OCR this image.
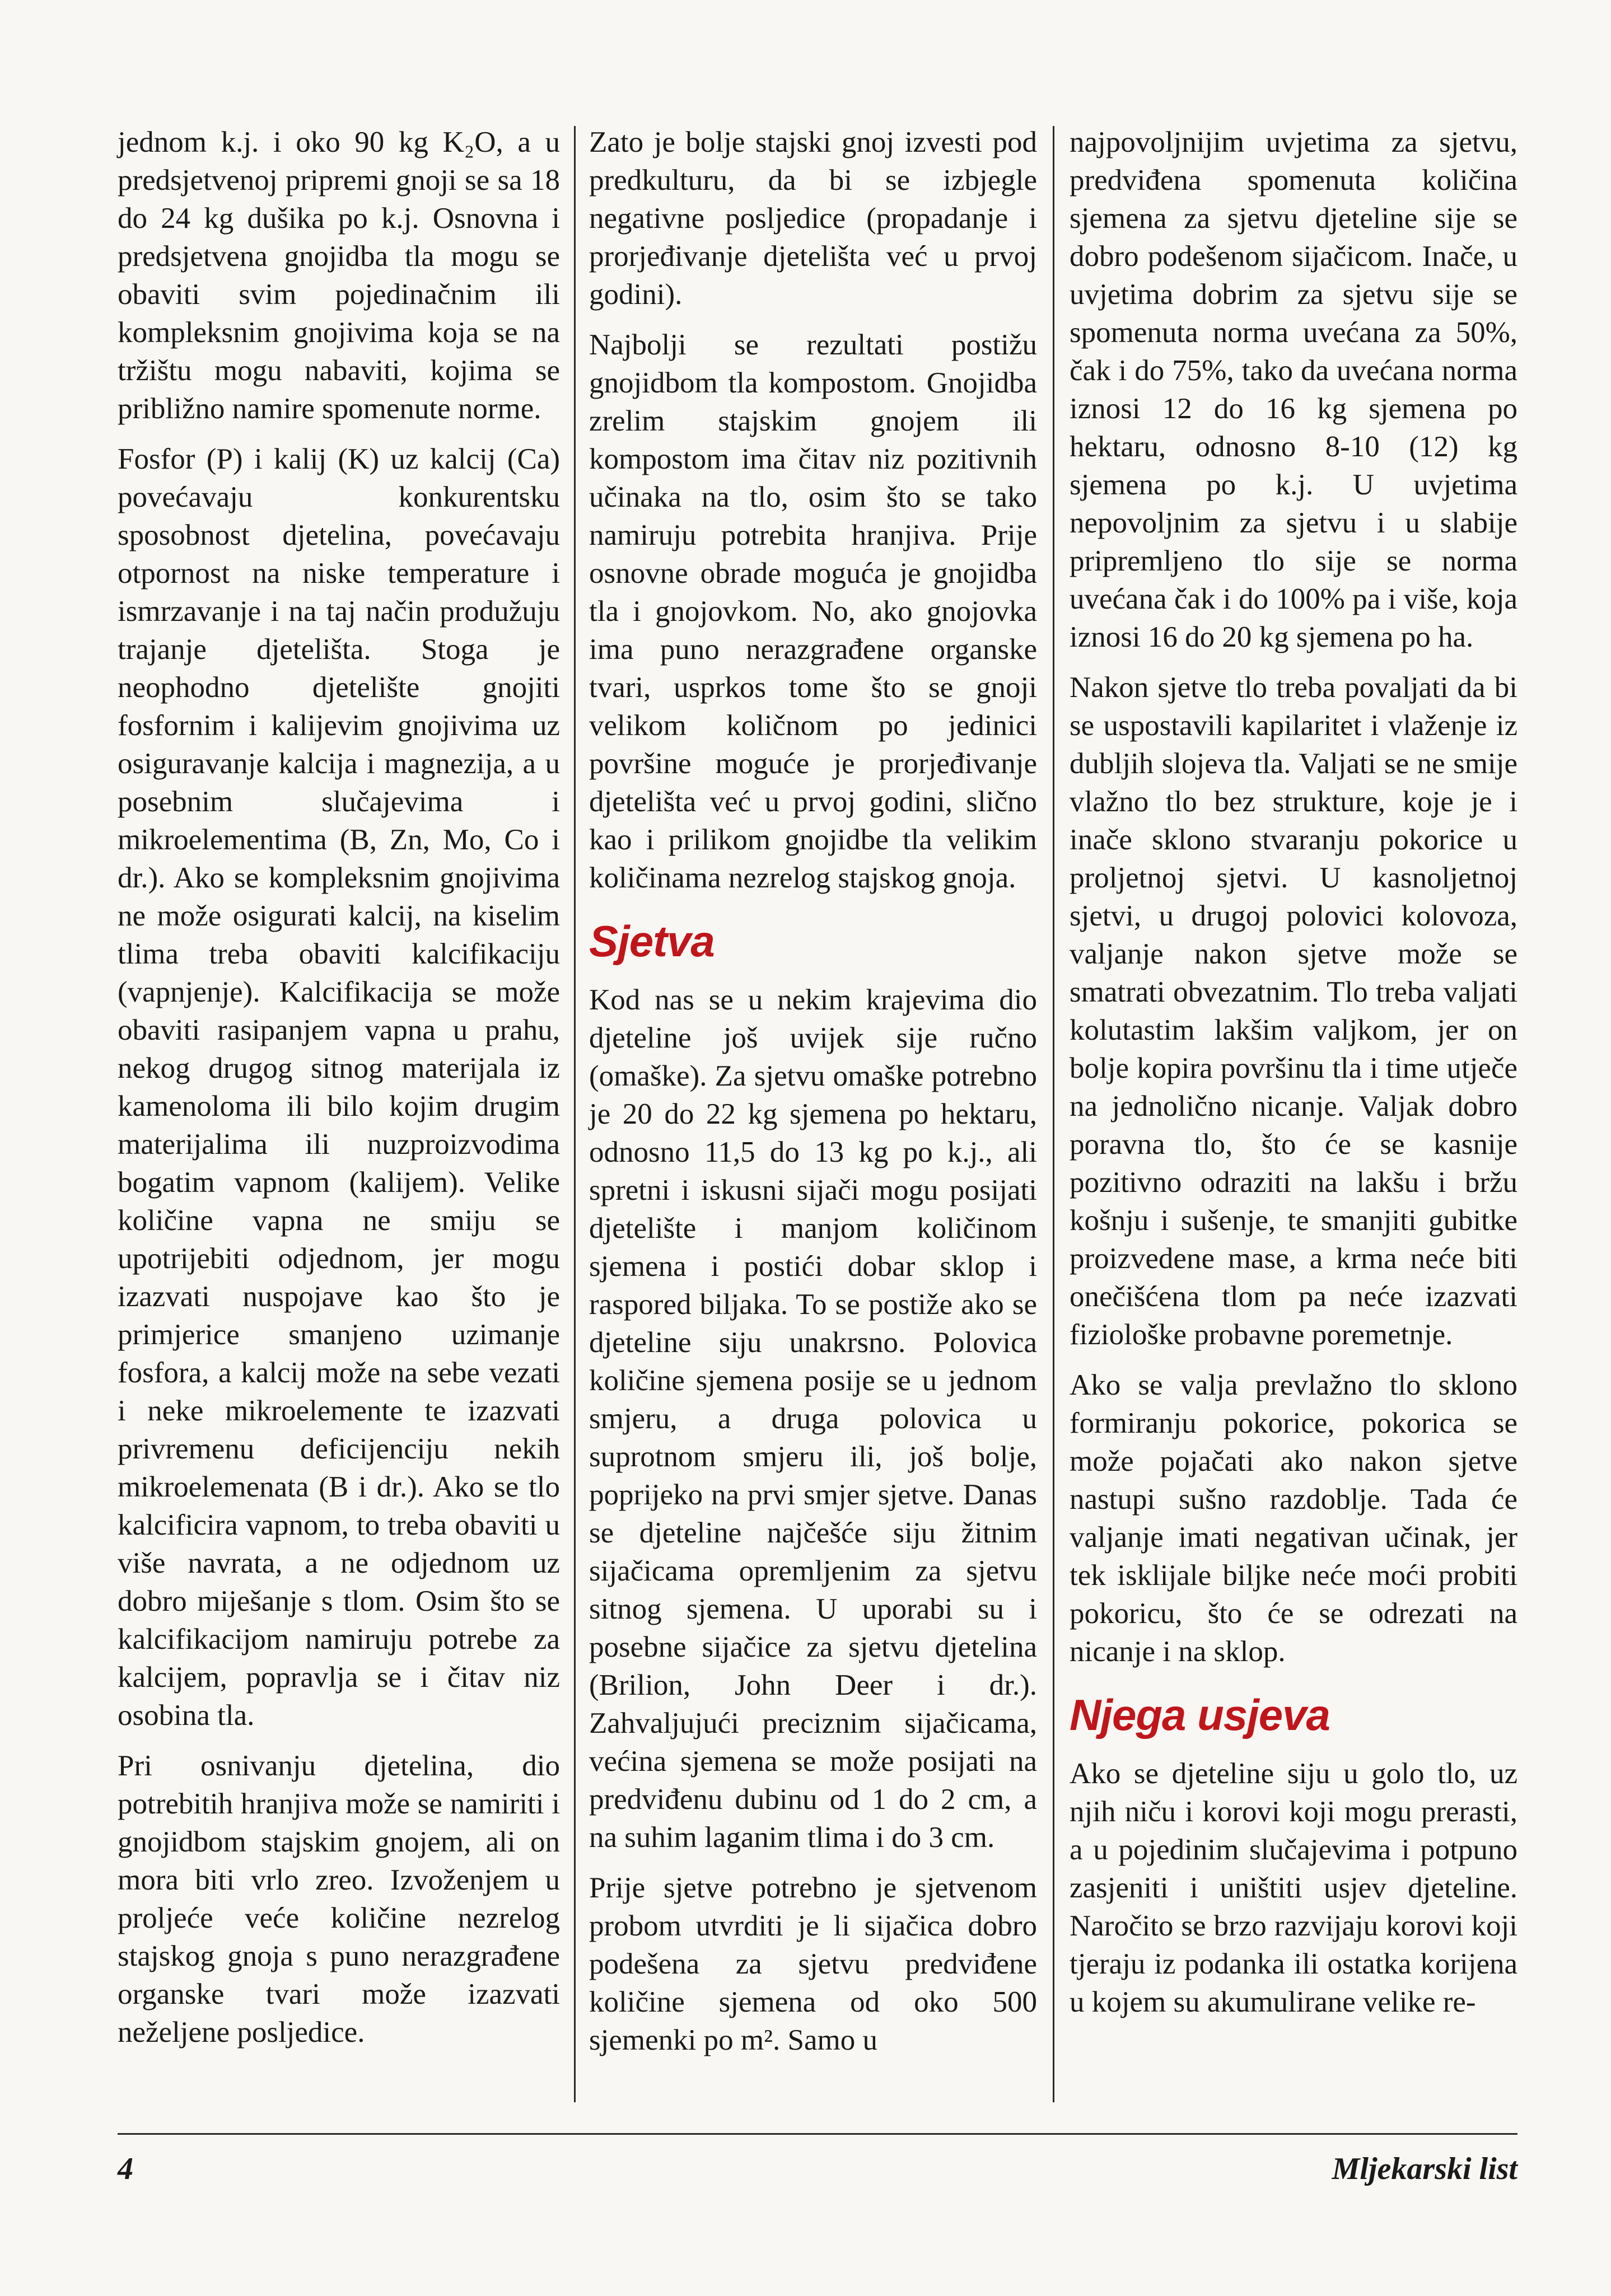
jednom k.j. i oko 90 kg K₂O, a u predsjetvenoj pripremi gnoji se sa 18 do 24 kg dušika po k.j. Osnovna i predsjetvena gnojidba tla mogu se obaviti svim pojedinačnim ili kompleksnim gnojivima koja se na tržištu mogu nabaviti, kojima se približno namire spomenute norme.

Fosfor (P) i kalij (K) uz kalcij (Ca) povećavaju konkurentsku sposobnost djetelina, povećavaju otpornost na niske temperature i ismrzavanje i na taj način produžuju trajanje djetelišta. Stoga je neophodno djetelište gnojiti fosfornim i kalijevim gnojivima uz osiguravanje kalcija i magnezija, a u posebnim slučajevima i mikroelementima (B, Zn, Mo, Co i dr.). Ako se kompleksnim gnojivima ne može osigurati kalcij, na kiselim tlima treba obaviti kalcifikaciju (vapnjenje). Kalcifikacija se može obaviti rasipanjem vapna u prahu, nekog drugog sitnog materijala iz kamenoloma ili bilo kojim drugim materijalima ili nuzproizvodima bogatim vapnom (kalijem). Velike količine vapna ne smiju se upotrijebiti odjednom, jer mogu izazvati nuspojave kao što je primjerice smanjeno uzimanje fosfora, a kalcij može na sebe vezati i neke mikroelemente te izazvati privremenu deficijenciju nekih mikroelemenata (B i dr.). Ako se tlo kalcificira vapnom, to treba obaviti u više navrata, a ne odjednom uz dobro miješanje s tlom. Osim što se kalcifikacijom namiruju potrebe za kalcijem, popravlja se i čitav niz osobina tla.

Pri osnivanju djetelina, dio potrebitih hranjiva može se namiriti i gnojidbom stajskim gnojem, ali on mora biti vrlo zreo. Izvoženjem u proljeće veće količine nezrelog stajskog gnoja s puno nerazgrađene organske tvari može izazvati neželjene posljedice.

Zato je bolje stajski gnoj izvesti pod predkulturu, da bi se izbjegle negativne posljedice (propadanje i prorjeđivanje djetelišta već u prvoj godini).

Najbolji se rezultati postižu gnojidbom tla kompostom. Gnojidba zrelim stajskim gnojem ili kompostom ima čitav niz pozitivnih učinaka na tlo, osim što se tako namiruju potrebita hranjiva. Prije osnovne obrade moguća je gnojidba tla i gnojovkom. No, ako gnojovka ima puno nerazgrađene organske tvari, usprkos tome što se gnoji velikom količnom po jedinici površine moguće je prorjeđivanje djetelišta već u prvoj godini, slično kao i prilikom gnojidbe tla velikim količinama nezrelog stajskog gnoja.

Sjetva

Kod nas se u nekim krajevima dio djeteline još uvijek sije ručno (omaške). Za sjetvu omaške potrebno je 20 do 22 kg sjemena po hektaru, odnosno 11,5 do 13 kg po k.j., ali spretni i iskusni sijači mogu posijati djetelište i manjom količinom sjemena i postići dobar sklop i raspored biljaka. To se postiže ako se djeteline siju unakrsno. Polovica količine sjemena posije se u jednom smjeru, a druga polovica u suprotnom smjeru ili, još bolje, poprijeko na prvi smjer sjetve. Danas se djeteline najčešće siju žitnim sijačicama opremljenim za sjetvu sitnog sjemena. U uporabi su i posebne sijačice za sjetvu djetelina (Brilion, John Deer i dr.). Zahvaljujući preciznim sijačicama, većina sjemena se može posijati na predviđenu dubinu od 1 do 2 cm, a na suhim laganim tlima i do 3 cm.

Prije sjetve potrebno je sjetvenom probom utvrditi je li sijačica dobro podešena za sjetvu predviđene količine sjemena od oko 500 sjemenki po m². Samo u

najpovoljnijim uvjetima za sjetvu, predviđena spomenuta količina sjemena za sjetvu djeteline sije se dobro podešenom sijačicom. Inače, u uvjetima dobrim za sjetvu sije se spomenuta norma uvećana za 50%, čak i do 75%, tako da uvećana norma iznosi 12 do 16 kg sjemena po hektaru, odnosno 8-10 (12) kg sjemena po k.j. U uvjetima nepovoljnim za sjetvu i u slabije pripremljeno tlo sije se norma uvećana čak i do 100% pa i više, koja iznosi 16 do 20 kg sjemena po ha.

Nakon sjetve tlo treba povaljati da bi se uspostavili kapilaritet i vlaženje iz dubljih slojeva tla. Valjati se ne smije vlažno tlo bez strukture, koje je i inače sklono stvaranju pokorice u proljetnoj sjetvi. U kasnoljetnoj sjetvi, u drugoj polovici kolovoza, valjanje nakon sjetve može se smatrati obvezatnim. Tlo treba valjati kolutastim lakšim valjkom, jer on bolje kopira površinu tla i time utječe na jednolično nicanje. Valjak dobro poravna tlo, što će se kasnije pozitivno odraziti na lakšu i bržu košnju i sušenje, te smanjiti gubitke proizvedene mase, a krma neće biti onečišćena tlom pa neće izazvati fiziološke probavne poremetnje.

Ako se valja prevlažno tlo sklono formiranju pokorice, pokorica se može pojačati ako nakon sjetve nastupi sušno razdoblje. Tada će valjanje imati negativan učinak, jer tek isklijale biljke neće moći probiti pokoricu, što će se odrezati na nicanje i na sklop.

Njega usjeva

Ako se djeteline siju u golo tlo, uz njih niču i korovi koji mogu prerasti, a u pojedinim slučajevima i potpuno zasjeniti i uništiti usjev djeteline. Naročito se brzo razvijaju korovi koji tjeraju iz podanka ili ostatka korijena u kojem su akumulirane velike re-

4	Mljekarski list
